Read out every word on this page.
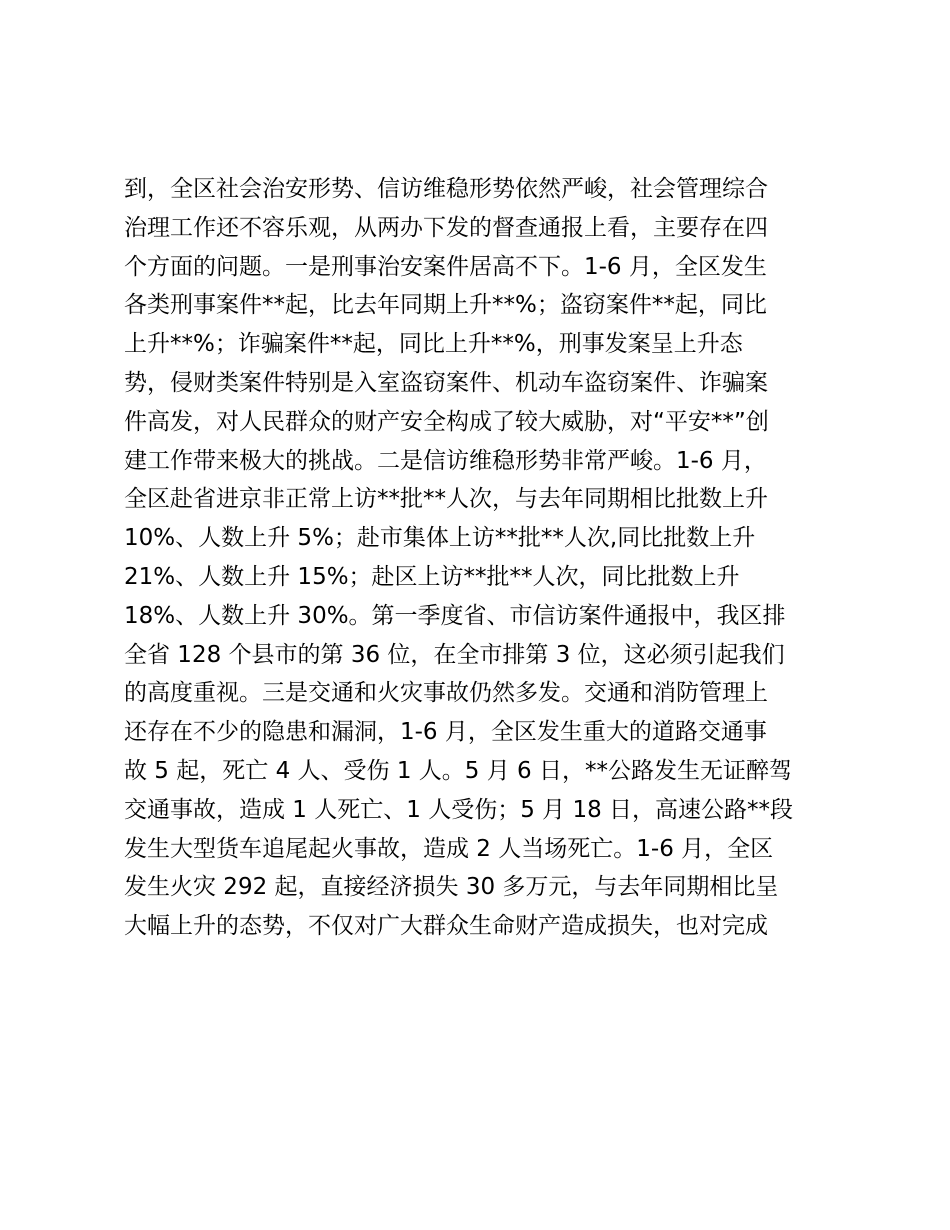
到，全区社会治安形势、信访维稳形势依然严峻，社会管理综合
治理工作还不容乐观，从两办下发的督查通报上看，主要存在四
个方面的问题。一是刑事治安案件居高不下。1-6 月，全区发生
各类刑事案件**起，比去年同期上升**%；盗窃案件**起，同比
上升**%；诈骗案件**起，同比上升**%，刑事发案呈上升态
势，侵财类案件特别是入室盗窃案件、机动车盗窃案件、诈骗案
件高发，对人民群众的财产安全构成了较大威胁，对“平安**”创
建工作带来极大的挑战。二是信访维稳形势非常严峻。1-6 月，
全区赴省进京非正常上访**批**人次，与去年同期相比批数上升
10%、人数上升 5%；赴市集体上访**批**人次,同比批数上升
21%、人数上升 15%；赴区上访**批**人次，同比批数上升
18%、人数上升 30%。第一季度省、市信访案件通报中，我区排
全省 128 个县市的第 36 位，在全市排第 3 位，这必须引起我们
的高度重视。三是交通和火灾事故仍然多发。交通和消防管理上
还存在不少的隐患和漏洞，1-6 月，全区发生重大的道路交通事
故 5 起，死亡 4 人、受伤 1 人。5 月 6 日，**公路发生无证醉驾
交通事故，造成 1 人死亡、1 人受伤；5 月 18 日，高速公路**段
发生大型货车追尾起火事故，造成 2 人当场死亡。1-6 月，全区
发生火灾 292 起，直接经济损失 30 多万元，与去年同期相比呈
大幅上升的态势，不仅对广大群众生命财产造成损失，也对完成
